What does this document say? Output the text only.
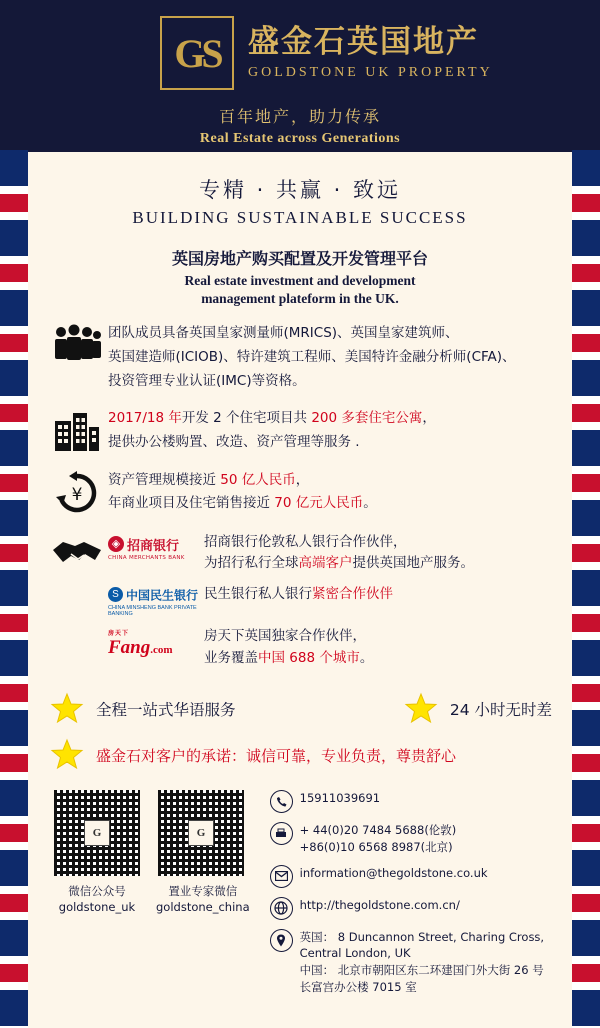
GS 盛金石英国地产
GOLDSTONE UK PROPERTY
百年地产，助力传承
Real Estate across Generations
专精 · 共赢 · 致远
BUILDING SUSTAINABLE SUCCESS
英国房地产购买配置及开发管理平台
Real estate investment and development
management plateform in the UK.
团队成员具备英国皇家测量师(MRICS)、英国皇家建筑师、
英国建造师(ICIOB)、特许建筑工程师、美国特许金融分析师(CFA)、
投资管理专业认证(IMC)等资格。
2017/18 年开发 2 个住宅项目共 200 多套住宅公寓，
提供办公楼购置、改造、资产管理等服务 .
¥
资产管理规模接近 50 亿人民币，
年商业项目及住宅销售接近 70 亿元人民币。
◈ 招商银行
CHINA MERCHANTS BANK
招商银行伦敦私人银行合作伙伴，
为招行私行全球高端客户提供英国地产服务。
S 中国民生银行
CHINA MINSHENG BANK PRIVATE BANKING
民生银行私人银行紧密合作伙伴
房天下
Fang.com
房天下英国独家合作伙伴，
业务覆盖中国 688 个城市。
全程一站式华语服务	24 小时无时差
盛金石对客户的承诺：诚信可靠，专业负责，尊贵舒心
G
微信公众号
goldstone_uk
G
置业专家微信
goldstone_china
15911039691
+ 44(0)20 7484 5688(伦敦)
+86(0)10 6568 8987(北京)
information@thegoldstone.co.uk
http://thegoldstone.com.cn/
英国： 8 Duncannon Street, Charing Cross,
Central London, UK
中国： 北京市朝阳区东二环建国门外大街 26 号
长富宫办公楼 7015 室
